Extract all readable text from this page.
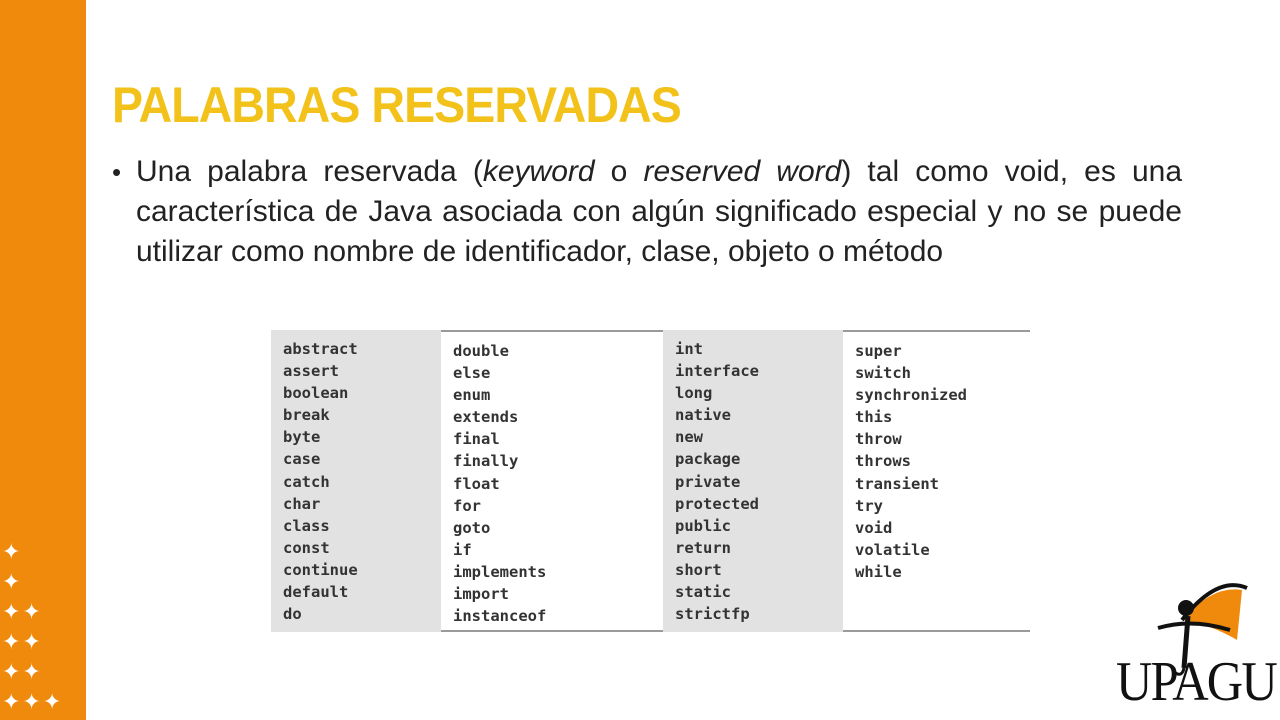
✦
✦
✦✦
✦✦
✦✦
✦✦✦
PALABRAS RESERVADAS
• Una palabra reservada (keyword o reserved word) tal como void, es una característica de Java asociada con algún significado especial y no se puede utilizar como nombre de identificador, clase, objeto o método
abstract
assert
boolean
break
byte
case
catch
char
class
const
continue
default
do
double
else
enum
extends
final
finally
float
for
goto
if
implements
import
instanceof
int
interface
long
native
new
package
private
protected
public
return
short
static
strictfp
super
switch
synchronized
this
throw
throws
transient
try
void
volatile
while
UPAGU
